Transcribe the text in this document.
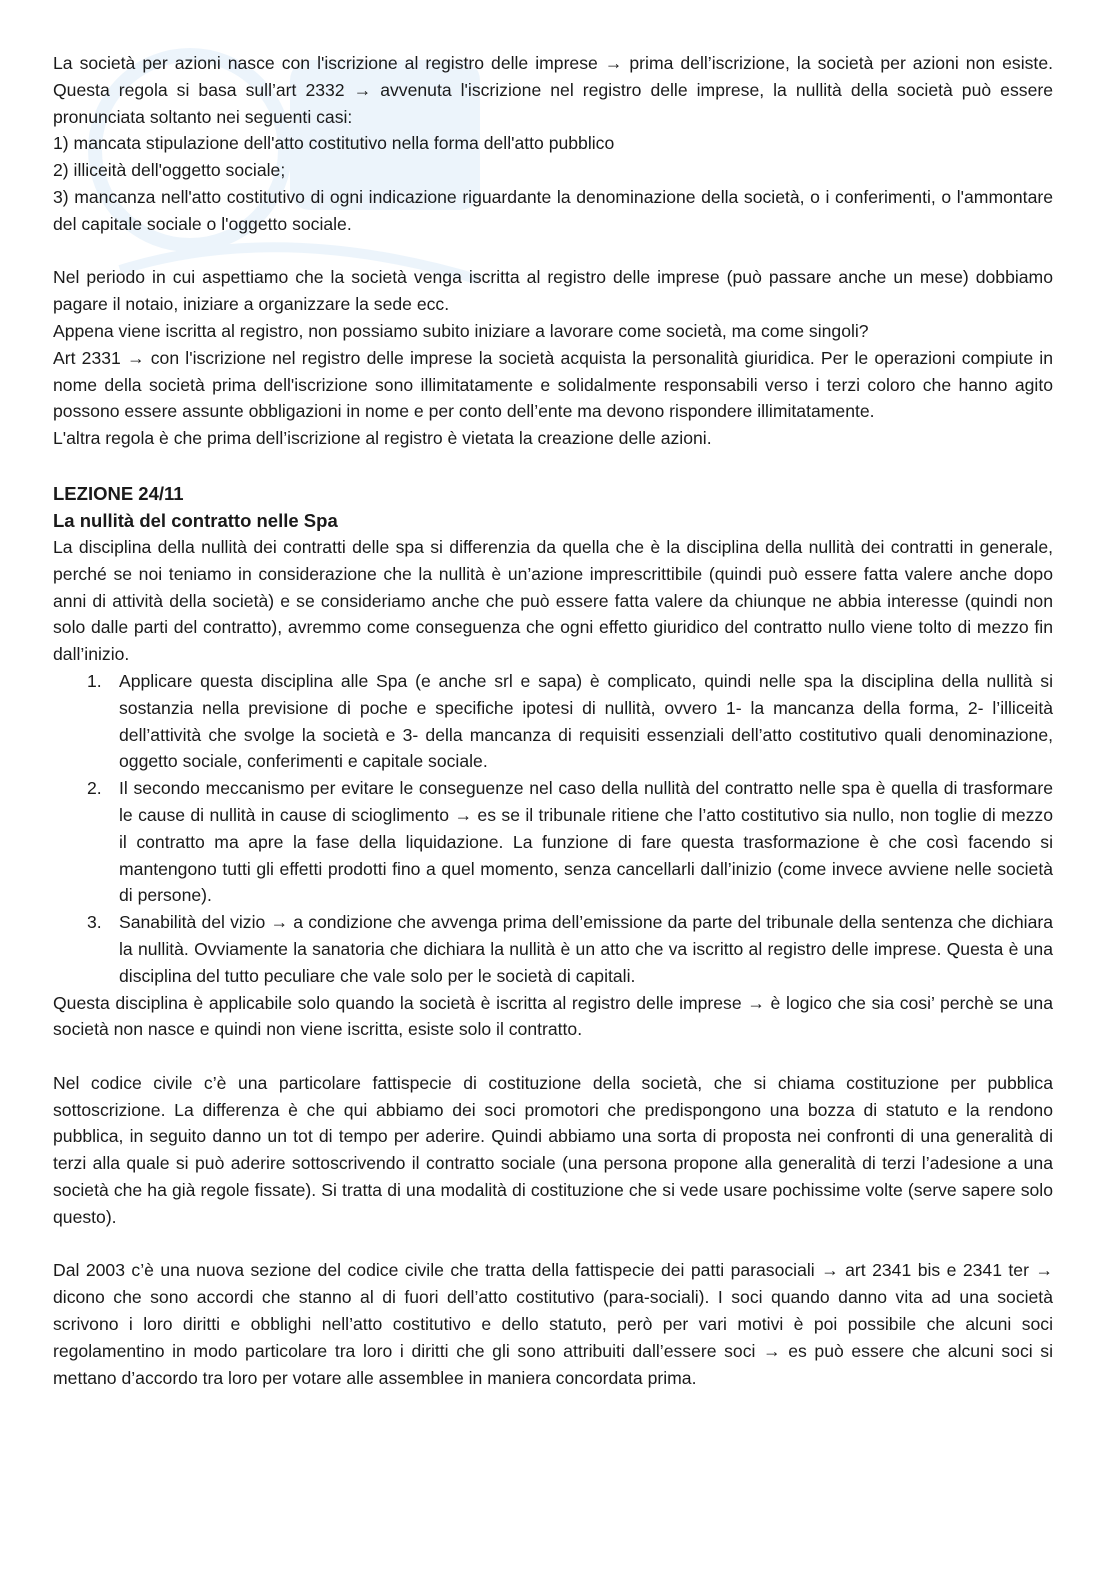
La società per azioni nasce con l'iscrizione al registro delle imprese → prima dell’iscrizione, la società per azioni non esiste. Questa regola si basa sull’art 2332 → avvenuta l'iscrizione nel registro delle imprese, la nullità della società può essere pronunciata soltanto nei seguenti casi:

1) mancata stipulazione dell'atto costitutivo nella forma dell'atto pubblico
2) illiceità dell'oggetto sociale;

3) mancanza nell'atto costitutivo di ogni indicazione riguardante la denominazione della società, o i conferimenti, o l'ammontare del capitale sociale o l'oggetto sociale.

Nel periodo in cui aspettiamo che la società venga iscritta al registro delle imprese (può passare anche un mese) dobbiamo pagare il notaio, iniziare a organizzare la sede ecc.

Appena viene iscritta al registro, non possiamo subito iniziare a lavorare come società, ma come singoli?

Art 2331 → con l'iscrizione nel registro delle imprese la società acquista la personalità giuridica. Per le operazioni compiute in nome della società prima dell'iscrizione sono illimitatamente e solidalmente responsabili verso i terzi coloro che hanno agito possono essere assunte obbligazioni in nome e per conto dell’ente ma devono rispondere illimitatamente.

L'altra regola è che prima dell’iscrizione al registro è vietata la creazione delle azioni.

LEZIONE 24/11
La nullità del contratto nelle Spa

La disciplina della nullità dei contratti delle spa si differenzia da quella che è la disciplina della nullità dei contratti in generale, perché se noi teniamo in considerazione che la nullità è un’azione imprescrittibile (quindi può essere fatta valere anche dopo anni di attività della società) e se consideriamo anche che può essere fatta valere da chiunque ne abbia interesse (quindi non solo dalle parti del contratto), avremmo come conseguenza che ogni effetto giuridico del contratto nullo viene tolto di mezzo fin dall’inizio.

1. Applicare questa disciplina alle Spa (e anche srl e sapa) è complicato, quindi nelle spa la disciplina della nullità si sostanzia nella previsione di poche e specifiche ipotesi di nullità, ovvero 1- la mancanza della forma, 2- l’illiceità dell’attività che svolge la società e 3- della mancanza di requisiti essenziali dell’atto costitutivo quali denominazione, oggetto sociale, conferimenti e capitale sociale.
2. Il secondo meccanismo per evitare le conseguenze nel caso della nullità del contratto nelle spa è quella di trasformare le cause di nullità in cause di scioglimento → es se il tribunale ritiene che l’atto costitutivo sia nullo, non toglie di mezzo il contratto ma apre la fase della liquidazione. La funzione di fare questa trasformazione è che così facendo si mantengono tutti gli effetti prodotti fino a quel momento, senza cancellarli dall’inizio (come invece avviene nelle società di persone).
3. Sanabilità del vizio → a condizione che avvenga prima dell’emissione da parte del tribunale della sentenza che dichiara la nullità. Ovviamente la sanatoria che dichiara la nullità è un atto che va iscritto al registro delle imprese. Questa è una disciplina del tutto peculiare che vale solo per le società di capitali.

Questa disciplina è applicabile solo quando la società è iscritta al registro delle imprese → è logico che sia cosi’ perchè se una società non nasce e quindi non viene iscritta, esiste solo il contratto.

Nel codice civile c’è una particolare fattispecie di costituzione della società, che si chiama costituzione per pubblica sottoscrizione. La differenza è che qui abbiamo dei soci promotori che predispongono una bozza di statuto e la rendono pubblica, in seguito danno un tot di tempo per aderire. Quindi abbiamo una sorta di proposta nei confronti di una generalità di terzi alla quale si può aderire sottoscrivendo il contratto sociale (una persona propone alla generalità di terzi l’adesione a una società che ha già regole fissate). Si tratta di una modalità di costituzione che si vede usare pochissime volte (serve sapere solo questo).

Dal 2003 c’è una nuova sezione del codice civile che tratta della fattispecie dei patti parasociali → art 2341 bis e 2341 ter → dicono che sono accordi che stanno al di fuori dell’atto costitutivo (para-sociali). I soci quando danno vita ad una società scrivono i loro diritti e obblighi nell’atto costitutivo e dello statuto, però per vari motivi è poi possibile che alcuni soci regolamentino in modo particolare tra loro i diritti che gli sono attribuiti dall’essere soci → es può essere che alcuni soci si mettano d’accordo tra loro per votare alle assemblee in maniera concordata prima.
